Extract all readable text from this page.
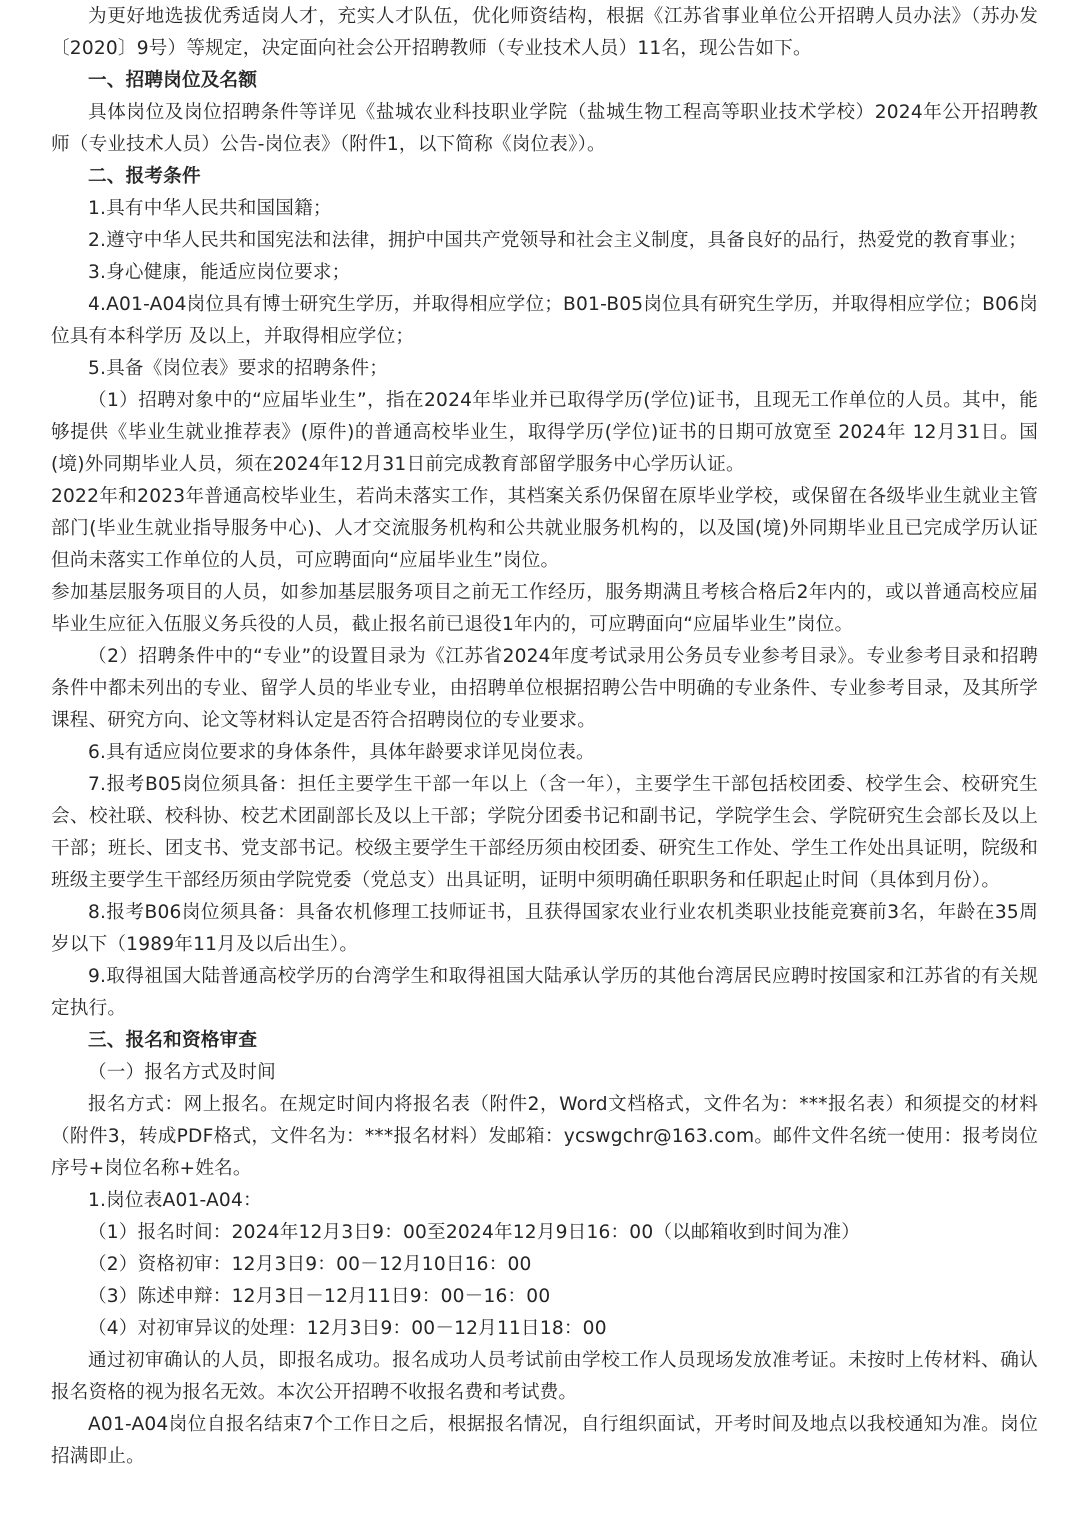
为更好地选拔优秀适岗人才，充实人才队伍，优化师资结构，根据《江苏省事业单位公开招聘人员办法》（苏办发〔2020〕9号）等规定，决定面向社会公开招聘教师（专业技术人员）11名，现公告如下。

一、招聘岗位及名额

具体岗位及岗位招聘条件等详见《盐城农业科技职业学院（盐城生物工程高等职业技术学校）2024年公开招聘教师（专业技术人员）公告-岗位表》（附件1，以下简称《岗位表》）。

二、报考条件

1.具有中华人民共和国国籍；

2.遵守中华人民共和国宪法和法律，拥护中国共产党领导和社会主义制度，具备良好的品行，热爱党的教育事业；

3.身心健康，能适应岗位要求；

4.A01-A04岗位具有博士研究生学历，并取得相应学位；B01-B05岗位具有研究生学历，并取得相应学位；B06岗位具有本科学历 及以上，并取得相应学位；

5.具备《岗位表》要求的招聘条件；

（1）招聘对象中的“应届毕业生”，指在2024年毕业并已取得学历(学位)证书，且现无工作单位的人员。其中，能够提供《毕业生就业推荐表》(原件)的普通高校毕业生，取得学历(学位)证书的日期可放宽至 2024年 12月31日。国(境)外同期毕业人员，须在2024年12月31日前完成教育部留学服务中心学历认证。

2022年和2023年普通高校毕业生，若尚未落实工作，其档案关系仍保留在原毕业学校，或保留在各级毕业生就业主管部门(毕业生就业指导服务中心)、人才交流服务机构和公共就业服务机构的，以及国(境)外同期毕业且已完成学历认证但尚未落实工作单位的人员，可应聘面向“应届毕业生”岗位。

参加基层服务项目的人员，如参加基层服务项目之前无工作经历，服务期满且考核合格后2年内的，或以普通高校应届毕业生应征入伍服义务兵役的人员，截止报名前已退役1年内的，可应聘面向“应届毕业生”岗位。

（2）招聘条件中的“专业”的设置目录为《江苏省2024年度考试录用公务员专业参考目录》。专业参考目录和招聘条件中都未列出的专业、留学人员的毕业专业，由招聘单位根据招聘公告中明确的专业条件、专业参考目录，及其所学课程、研究方向、论文等材料认定是否符合招聘岗位的专业要求。

6.具有适应岗位要求的身体条件，具体年龄要求详见岗位表。

7.报考B05岗位须具备：担任主要学生干部一年以上（含一年），主要学生干部包括校团委、校学生会、校研究生会、校社联、校科协、校艺术团副部长及以上干部；学院分团委书记和副书记，学院学生会、学院研究生会部长及以上干部；班长、团支书、党支部书记。校级主要学生干部经历须由校团委、研究生工作处、学生工作处出具证明，院级和班级主要学生干部经历须由学院党委（党总支）出具证明，证明中须明确任职职务和任职起止时间（具体到月份）。

8.报考B06岗位须具备：具备农机修理工技师证书，且获得国家农业行业农机类职业技能竞赛前3名，年龄在35周岁以下（1989年11月及以后出生）。

9.取得祖国大陆普通高校学历的台湾学生和取得祖国大陆承认学历的其他台湾居民应聘时按国家和江苏省的有关规定执行。

三、报名和资格审查

（一）报名方式及时间

报名方式：网上报名。在规定时间内将报名表（附件2，Word文档格式，文件名为：***报名表）和须提交的材料（附件3，转成PDF格式，文件名为：***报名材料）发邮箱：ycswgchr@163.com。邮件文件名统一使用：报考岗位序号+岗位名称+姓名。

1.岗位表A01-A04：

（1）报名时间：2024年12月3日9：00至2024年12月9日16：00（以邮箱收到时间为准）

（2）资格初审：12月3日9：00－12月10日16：00

（3）陈述申辩：12月3日－12月11日9：00－16：00

（4）对初审异议的处理：12月3日9：00－12月11日18：00

通过初审确认的人员，即报名成功。报名成功人员考试前由学校工作人员现场发放准考证。未按时上传材料、确认报名资格的视为报名无效。本次公开招聘不收报名费和考试费。

A01-A04岗位自报名结束7个工作日之后，根据报名情况，自行组织面试，开考时间及地点以我校通知为准。岗位招满即止。
